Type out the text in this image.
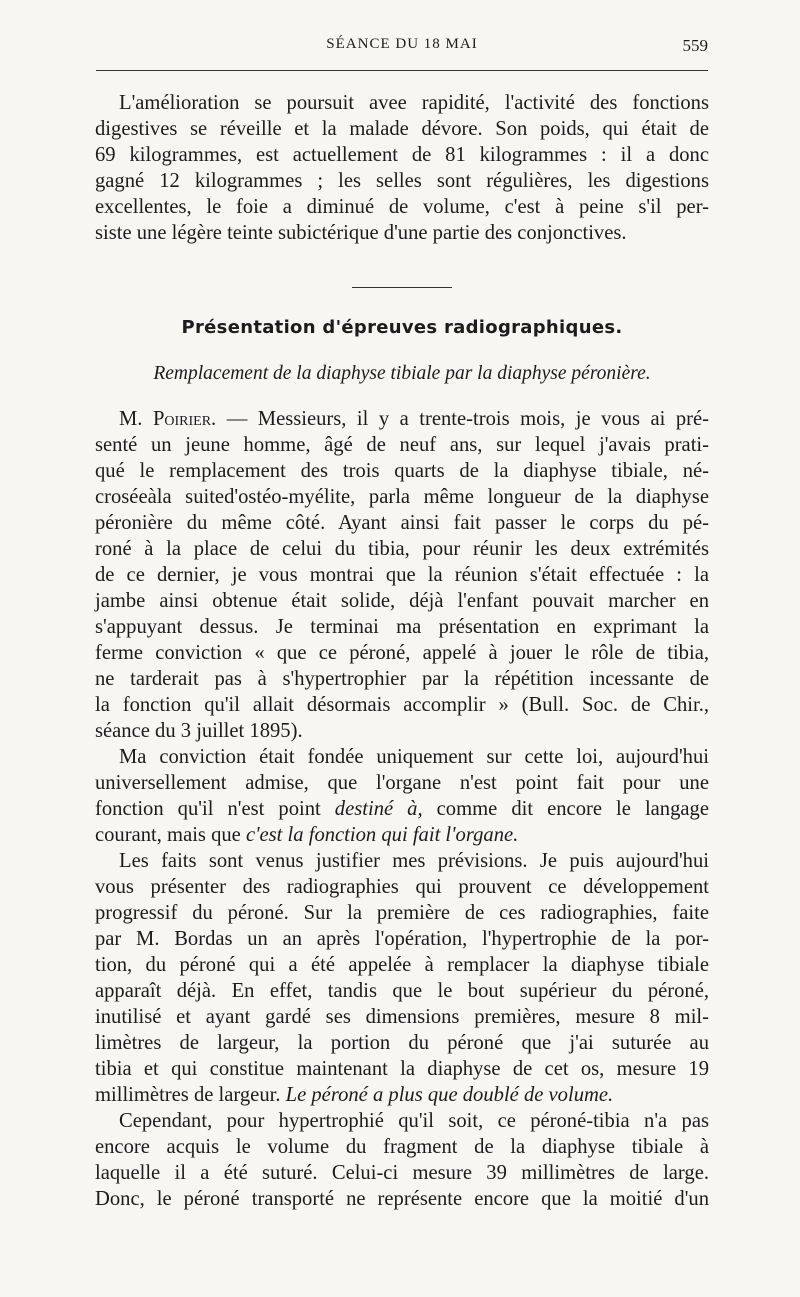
SÉANCE DU 18 MAI	559
L'amélioration se poursuit avee rapidité, l'activité des fonctions
digestives se réveille et la malade dévore. Son poids, qui était de
69 kilogrammes, est actuellement de 81 kilogrammes : il a donc
gagné 12 kilogrammes ; les selles sont régulières, les digestions
excellentes, le foie a diminué de volume, c'est à peine s'il per-
siste une légère teinte subictérique d'une partie des conjonctives.
Présentation d'épreuves radiographiques.
Remplacement de la diaphyse tibiale par la diaphyse péronière.
M. Poirier. — Messieurs, il y a trente-trois mois, je vous ai pré-
senté un jeune homme, âgé de neuf ans, sur lequel j'avais prati-
qué le remplacement des trois quarts de la diaphyse tibiale, né-
croséeàla suited'ostéo-myélite, parla même longueur de la diaphyse
péronière du même côté. Ayant ainsi fait passer le corps du pé-
roné à la place de celui du tibia, pour réunir les deux extrémités
de ce dernier, je vous montrai que la réunion s'était effectuée : la
jambe ainsi obtenue était solide, déjà l'enfant pouvait marcher en
s'appuyant dessus. Je terminai ma présentation en exprimant la
ferme conviction « que ce péroné, appelé à jouer le rôle de tibia,
ne tarderait pas à s'hypertrophier par la répétition incessante de
la fonction qu'il allait désormais accomplir » (Bull. Soc. de Chir.,
séance du 3 juillet 1895).
Ma conviction était fondée uniquement sur cette loi, aujourd'hui
universellement admise, que l'organe n'est point fait pour une
fonction qu'il n'est point destiné à, comme dit encore le langage
courant, mais que c'est la fonction qui fait l'organe.
Les faits sont venus justifier mes prévisions. Je puis aujourd'hui
vous présenter des radiographies qui prouvent ce développement
progressif du péroné. Sur la première de ces radiographies, faite
par M. Bordas un an après l'opération, l'hypertrophie de la por-
tion, du péroné qui a été appelée à remplacer la diaphyse tibiale
apparaît déjà. En effet, tandis que le bout supérieur du péroné,
inutilisé et ayant gardé ses dimensions premières, mesure 8 mil-
limètres de largeur, la portion du péroné que j'ai suturée au
tibia et qui constitue maintenant la diaphyse de cet os, mesure 19
millimètres de largeur. Le péroné a plus que doublé de volume.
Cependant, pour hypertrophié qu'il soit, ce péroné-tibia n'a pas
encore acquis le volume du fragment de la diaphyse tibiale à
laquelle il a été suturé. Celui-ci mesure 39 millimètres de large.
Donc, le péroné transporté ne représente encore que la moitié d'un
